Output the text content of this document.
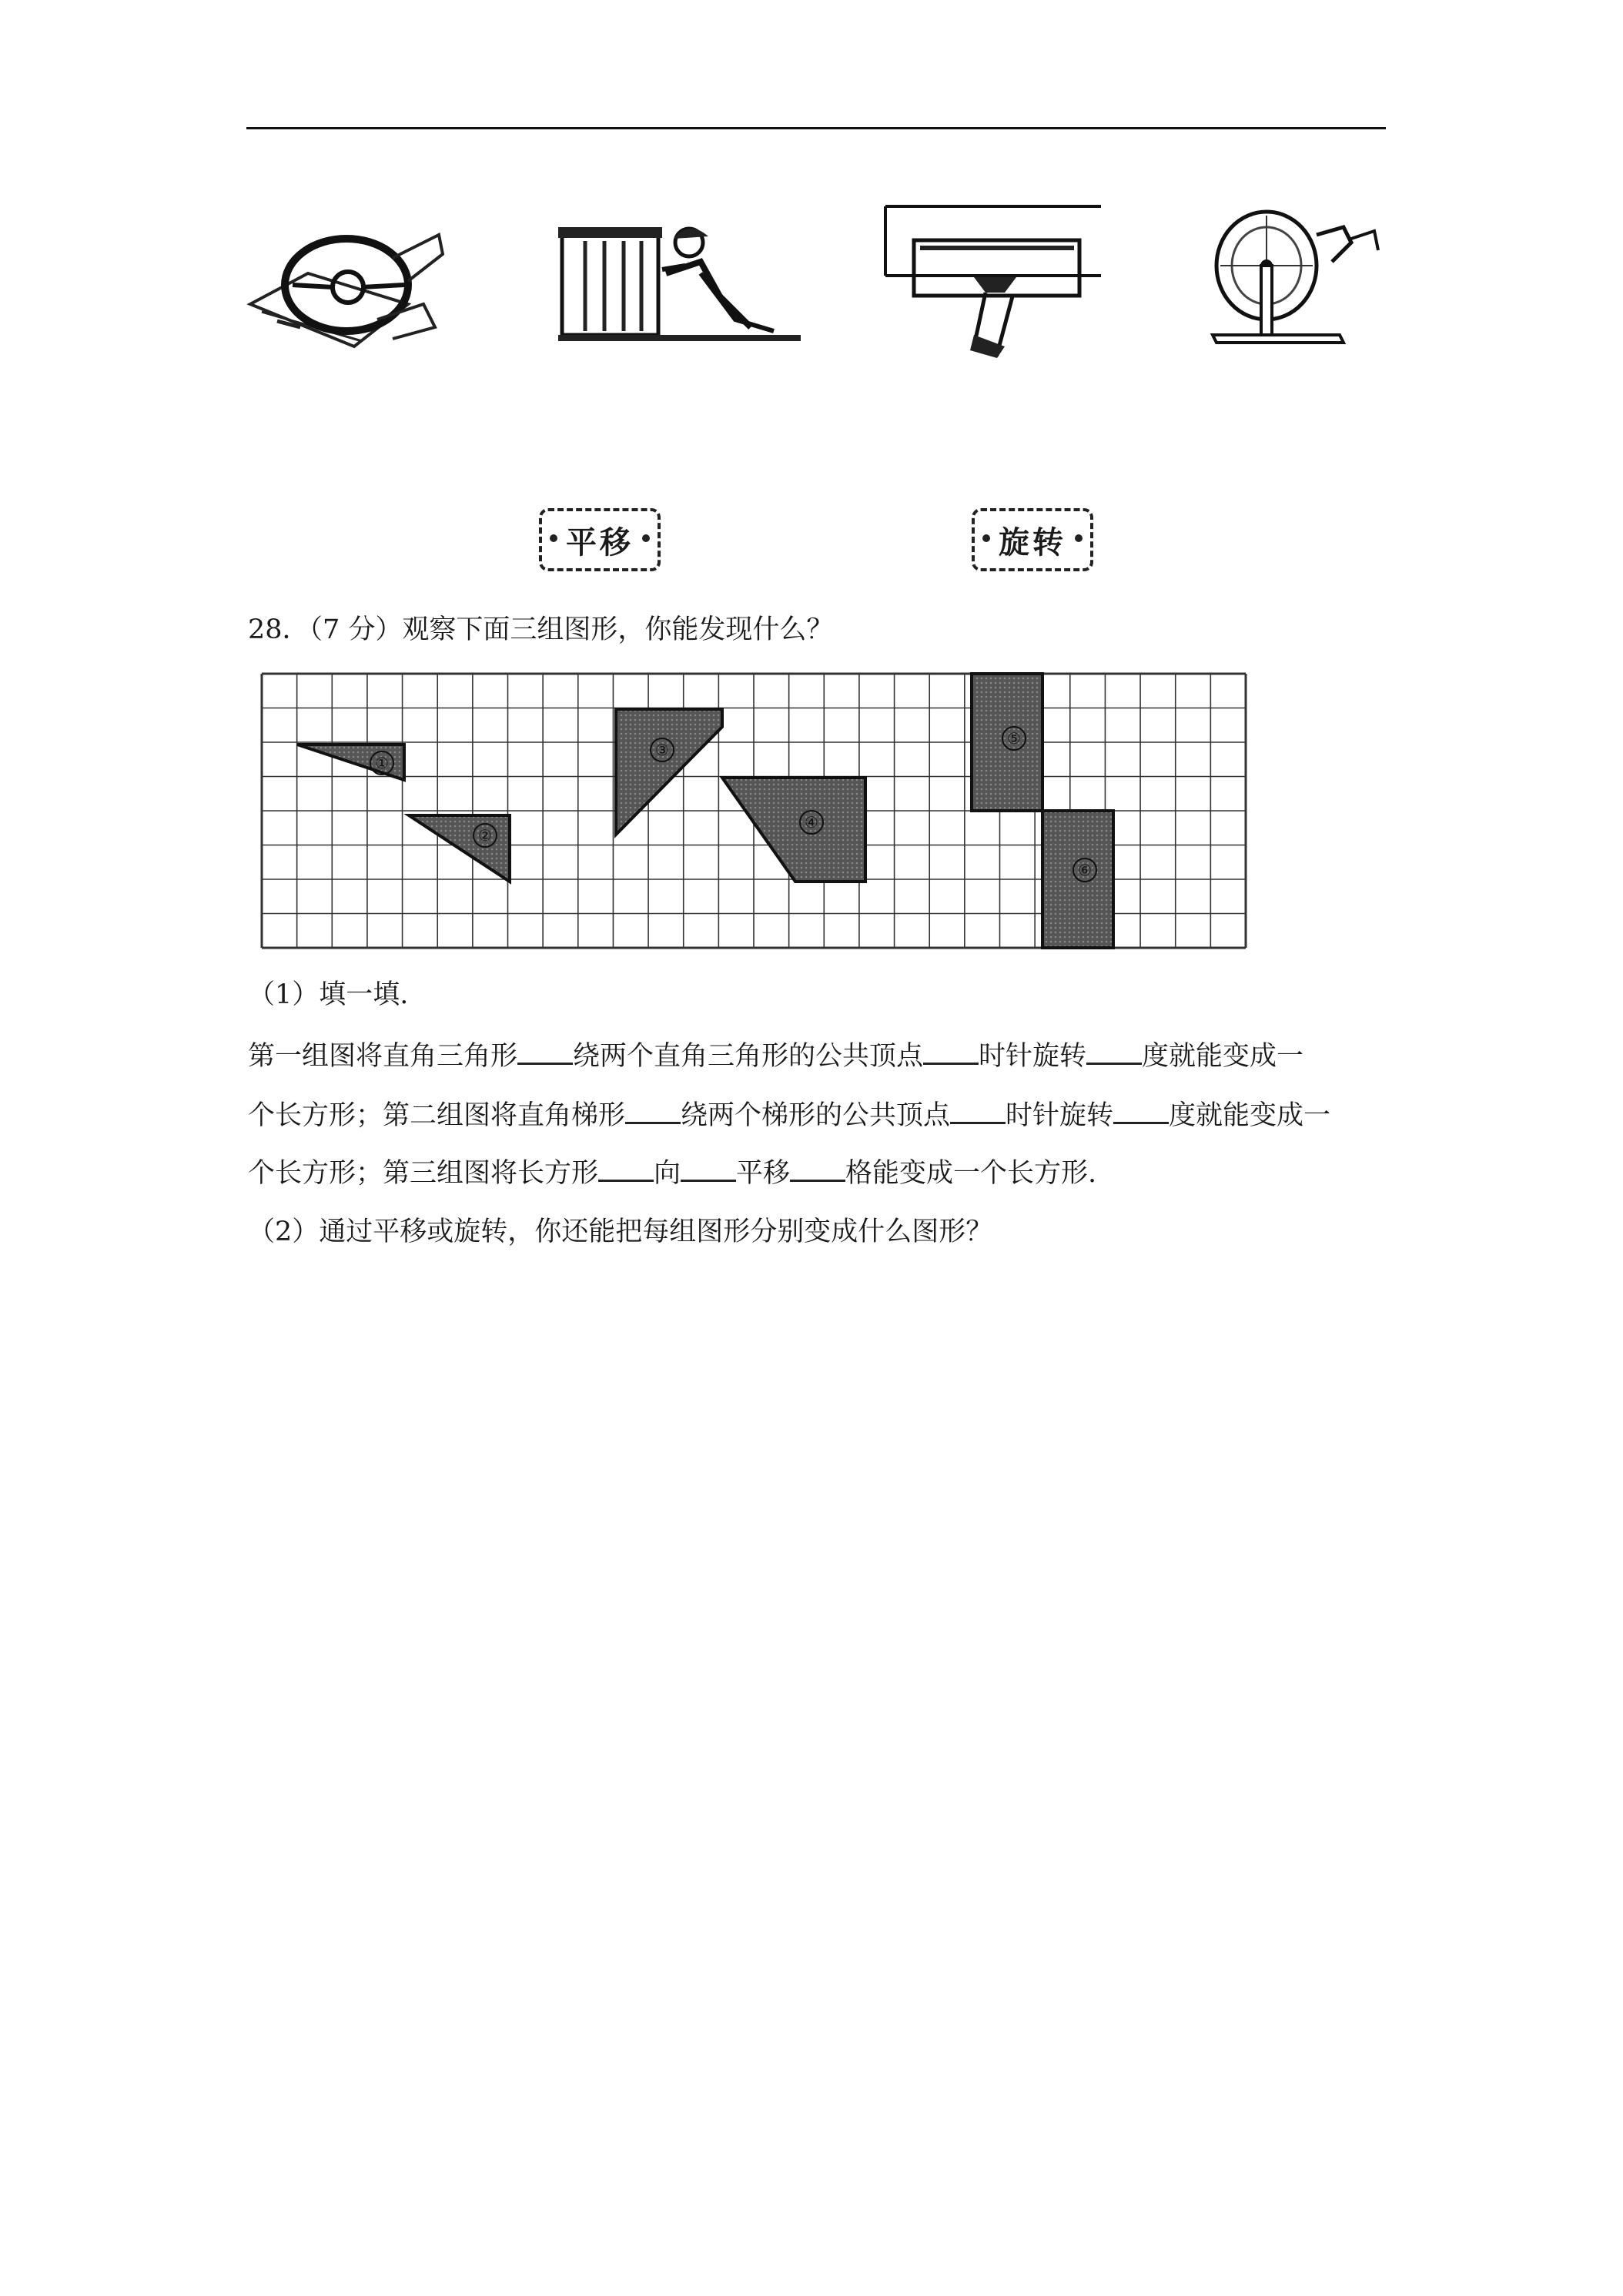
平移	旋转
28．（7 分）观察下面三组图形，你能发现什么？
①
②
③
④
⑤
⑥
（1）填一填.
第一组图将直角三角形 绕两个直角三角形的公共顶点 时针旋转 度就能变成一
个长方形；第二组图将直角梯形 绕两个梯形的公共顶点 时针旋转 度就能变成一
个长方形；第三组图将长方形 向 平移 格能变成一个长方形.
（2）通过平移或旋转，你还能把每组图形分别变成什么图形？
